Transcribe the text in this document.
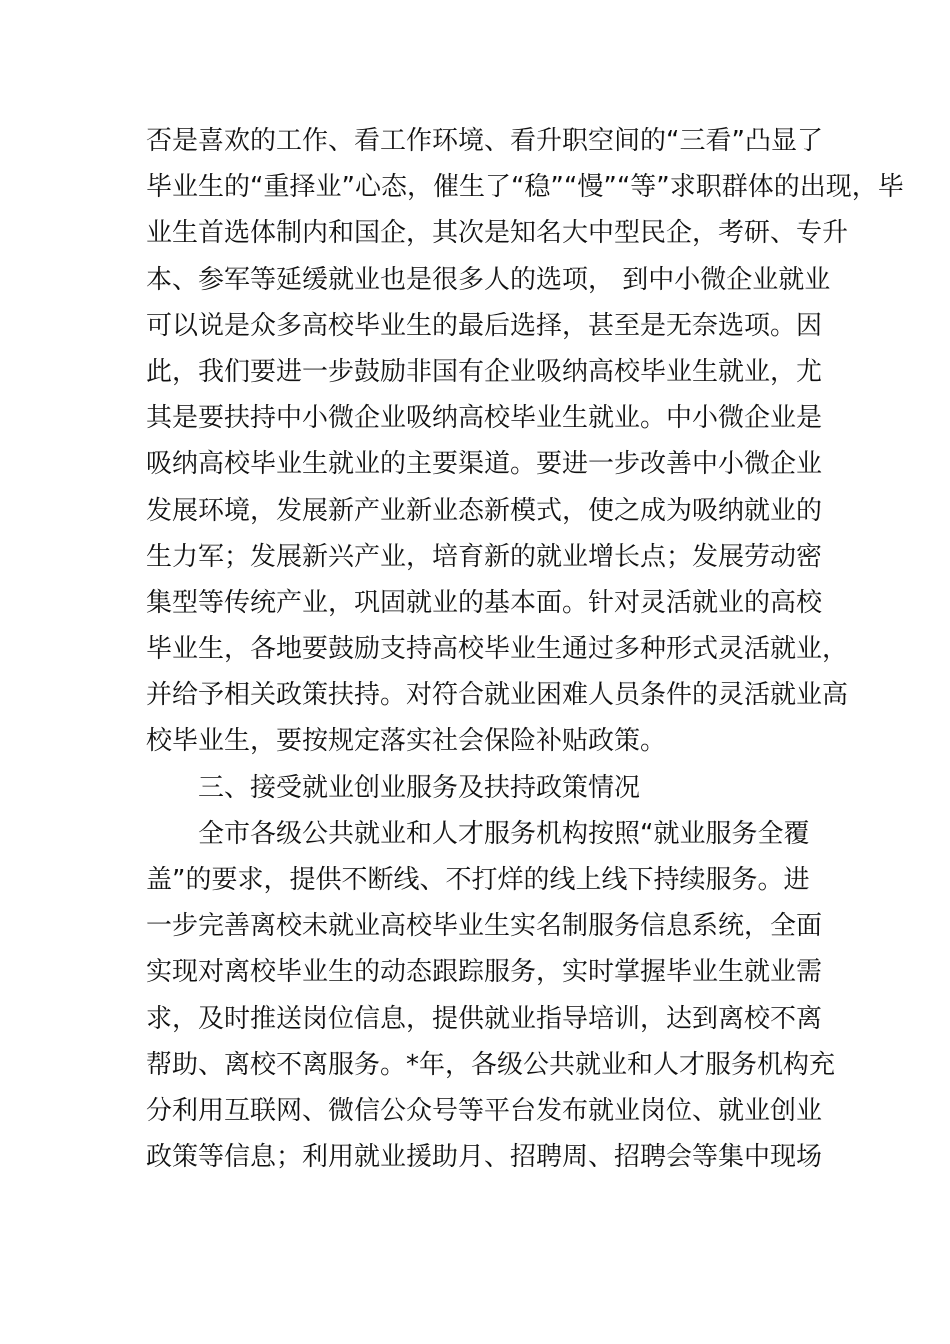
否是喜欢的工作、看工作环境、看升职空间的“三看”凸显了
毕业生的“重择业”心态，催生了“稳”“慢”“等”求职群体的出现，毕
业生首选体制内和国企，其次是知名大中型民企，考研、专升
本、参军等延缓就业也是很多人的选项， 到中小微企业就业
可以说是众多高校毕业生的最后选择，甚至是无奈选项。因
此，我们要进一步鼓励非国有企业吸纳高校毕业生就业，尤
其是要扶持中小微企业吸纳高校毕业生就业。中小微企业是
吸纳高校毕业生就业的主要渠道。要进一步改善中小微企业
发展环境，发展新产业新业态新模式，使之成为吸纳就业的
生力军；发展新兴产业，培育新的就业增长点；发展劳动密
集型等传统产业，巩固就业的基本面。针对灵活就业的高校
毕业生，各地要鼓励支持高校毕业生通过多种形式灵活就业，
并给予相关政策扶持。对符合就业困难人员条件的灵活就业高
校毕业生，要按规定落实社会保险补贴政策。
三、接受就业创业服务及扶持政策情况
全市各级公共就业和人才服务机构按照“就业服务全覆
盖”的要求，提供不断线、不打烊的线上线下持续服务。进
一步完善离校未就业高校毕业生实名制服务信息系统，全面
实现对离校毕业生的动态跟踪服务，实时掌握毕业生就业需
求，及时推送岗位信息，提供就业指导培训，达到离校不离
帮助、离校不离服务。*年，各级公共就业和人才服务机构充
分利用互联网、微信公众号等平台发布就业岗位、就业创业
政策等信息；利用就业援助月、招聘周、招聘会等集中现场
